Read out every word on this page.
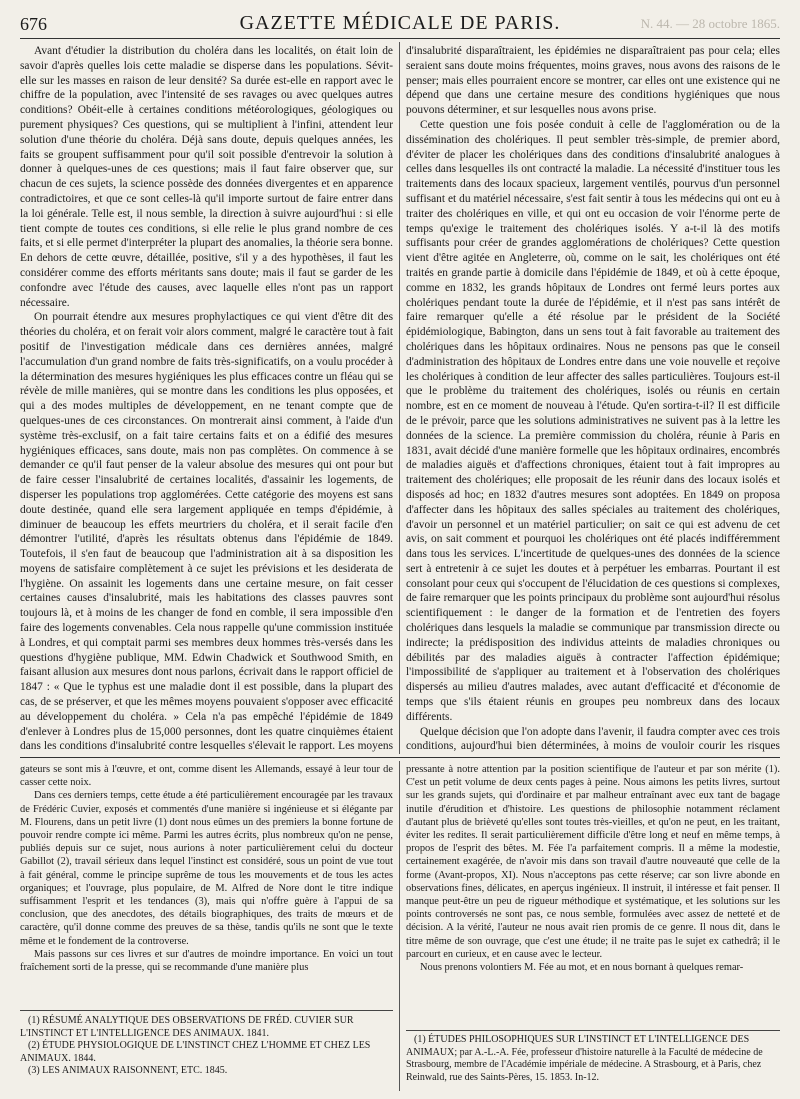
676	GAZETTE MÉDICALE DE PARIS.	N. 44. — 28 octobre 1865.

Avant d'étudier la distribution du choléra dans les localités, on était loin de savoir d'après quelles lois cette maladie se disperse dans les populations. Sévit-elle sur les masses en raison de leur densité? Sa durée est-elle en rapport avec le chiffre de la population, avec l'intensité de ses ravages ou avec quelques autres conditions? Obéit-elle à certaines conditions météorologiques, géologiques ou purement physiques? Ces questions, qui se multiplient à l'infini, attendent leur solution d'une théorie du choléra. Déjà sans doute, depuis quelques années, les faits se groupent suffisamment pour qu'il soit possible d'entrevoir la solution à donner à quelques-unes de ces questions; mais il faut faire observer que, sur chacun de ces sujets, la science possède des données divergentes et en apparence contradictoires, et que ce sont celles-là qu'il importe surtout de faire entrer dans la loi générale. Telle est, il nous semble, la direction à suivre aujourd'hui : si elle tient compte de toutes ces conditions, si elle relie le plus grand nombre de ces faits, et si elle permet d'interpréter la plupart des anomalies, la théorie sera bonne. En dehors de cette œuvre, détaillée, positive, s'il y a des hypothèses, il faut les considérer comme des efforts méritants sans doute; mais il faut se garder de les confondre avec l'étude des causes, avec laquelle elles n'ont pas un rapport nécessaire.

On pourrait étendre aux mesures prophylactiques ce qui vient d'être dit des théories du choléra, et on ferait voir alors comment, malgré le caractère tout à fait positif de l'investigation médicale dans ces dernières années, malgré l'accumulation d'un grand nombre de faits très-significatifs, on a voulu procéder à la détermination des mesures hygiéniques les plus efficaces contre un fléau qui se révèle de mille manières, qui se montre dans les conditions les plus opposées, et qui a des modes multiples de développement, en ne tenant compte que de quelques-unes de ces circonstances. On montrerait ainsi comment, à l'aide d'un système très-exclusif, on a fait taire certains faits et on a édifié des mesures hygiéniques efficaces, sans doute, mais non pas complètes. On commence à se demander ce qu'il faut penser de la valeur absolue des mesures qui ont pour but de faire cesser l'insalubrité de certaines localités, d'assainir les logements, de disperser les populations trop agglomérées. Cette catégorie des moyens est sans doute destinée, quand elle sera largement appliquée en temps d'épidémie, à diminuer de beaucoup les effets meurtriers du choléra, et il serait facile d'en démontrer l'utilité, d'après les résultats obtenus dans l'épidémie de 1849. Toutefois, il s'en faut de beaucoup que l'administration ait à sa disposition les moyens de satisfaire complètement à ce sujet les prévisions et les desiderata de l'hygiène. On assainit les logements dans une certaine mesure, on fait cesser certaines causes d'insalubrité, mais les habitations des classes pauvres sont toujours là, et à moins de les changer de fond en comble, il sera impossible d'en faire des logements convenables. Cela nous rappelle qu'une commission instituée à Londres, et qui comptait parmi ses membres deux hommes très-versés dans les questions d'hygiène publique, MM. Edwin Chadwick et Southwood Smith, en faisant allusion aux mesures dont nous parlons, écrivait dans le rapport officiel de 1847 : « Que le typhus est une maladie dont il est possible, dans la plupart des cas, de se préserver, et que les mêmes moyens pouvaient s'opposer avec efficacité au développement du choléra. » Cela n'a pas empêché l'épidémie de 1849 d'enlever à Londres plus de 15,000 personnes, dont les quatre cinquièmes étaient dans les conditions d'insalubrité contre lesquelles s'élevait le rapport. Les moyens

d'insalubrité disparaîtraient, les épidémies ne disparaîtraient pas pour cela; elles seraient sans doute moins fréquentes, moins graves, nous avons des raisons de le penser; mais elles pourraient encore se montrer, car elles ont une existence qui ne dépend que dans une certaine mesure des conditions hygiéniques que nous pouvons déterminer, et sur lesquelles nous avons prise.

Cette question une fois posée conduit à celle de l'agglomération ou de la dissémination des cholériques. Il peut sembler très-simple, de premier abord, d'éviter de placer les cholériques dans des conditions d'insalubrité analogues à celles dans lesquelles ils ont contracté la maladie. La nécessité d'instituer tous les traitements dans des locaux spacieux, largement ventilés, pourvus d'un personnel suffisant et du matériel nécessaire, s'est fait sentir à tous les médecins qui ont eu à traiter des cholériques en ville, et qui ont eu occasion de voir l'énorme perte de temps qu'exige le traitement des cholériques isolés. Y a-t-il là des motifs suffisants pour créer de grandes agglomérations de cholériques? Cette question vient d'être agitée en Angleterre, où, comme on le sait, les cholériques ont été traités en grande partie à domicile dans l'épidémie de 1849, et où à cette époque, comme en 1832, les grands hôpitaux de Londres ont fermé leurs portes aux cholériques pendant toute la durée de l'épidémie, et il n'est pas sans intérêt de faire remarquer qu'elle a été résolue par le président de la Société épidémiologique, Babington, dans un sens tout à fait favorable au traitement des cholériques dans les hôpitaux ordinaires. Nous ne pensons pas que le conseil d'administration des hôpitaux de Londres entre dans une voie nouvelle et reçoive les cholériques à condition de leur affecter des salles particulières. Toujours est-il que le problème du traitement des cholériques, isolés ou réunis en certain nombre, est en ce moment de nouveau à l'étude. Qu'en sortira-t-il? Il est difficile de le prévoir, parce que les solutions administratives ne suivent pas à la lettre les données de la science. La première commission du choléra, réunie à Paris en 1831, avait décidé d'une manière formelle que les hôpitaux ordinaires, encombrés de maladies aiguës et d'affections chroniques, étaient tout à fait impropres au traitement des cholériques; elle proposait de les réunir dans des locaux isolés et disposés ad hoc; en 1832 d'autres mesures sont adoptées. En 1849 on proposa d'affecter dans les hôpitaux des salles spéciales au traitement des cholériques, d'avoir un personnel et un matériel particulier; on sait ce qui est advenu de cet avis, on sait comment et pourquoi les cholériques ont été placés indifféremment dans tous les services. L'incertitude de quelques-unes des données de la science sert à entretenir à ce sujet les doutes et à perpétuer les embarras. Pourtant il est consolant pour ceux qui s'occupent de l'élucidation de ces questions si complexes, de faire remarquer que les points principaux du problème sont aujourd'hui résolus scientifiquement : le danger de la formation et de l'entretien des foyers cholériques dans lesquels la maladie se communique par transmission directe ou indirecte; la prédisposition des individus atteints de maladies chroniques ou débilités par des maladies aiguës à contracter l'affection épidémique; l'impossibilité de s'appliquer au traitement et à l'observation des cholériques dispersés au milieu d'autres malades, avec autant d'efficacité et d'économie de temps que s'ils étaient réunis en groupes peu nombreux dans des locaux différents.

Quelque décision que l'on adopte dans l'avenir, il faudra compter avec ces trois conditions, aujourd'hui bien déterminées, à moins de vouloir courir les risques

gateurs se sont mis à l'œuvre, et ont, comme disent les Allemands, essayé à leur tour de casser cette noix.

Dans ces derniers temps, cette étude a été particulièrement encouragée par les travaux de Frédéric Cuvier, exposés et commentés d'une manière si ingénieuse et si élégante par M. Flourens, dans un petit livre (1) dont nous eûmes un des premiers la bonne fortune de pouvoir rendre compte ici même. Parmi les autres écrits, plus nombreux qu'on ne pense, publiés depuis sur ce sujet, nous aurions à noter particulièrement celui du docteur Gabillot (2), travail sérieux dans lequel l'instinct est considéré, sous un point de vue tout à fait général, comme le principe suprême de tous les mouvements et de tous les actes organiques; et l'ouvrage, plus populaire, de M. Alfred de Nore dont le titre indique suffisamment l'esprit et les tendances (3), mais qui n'offre guère à l'appui de sa conclusion, que des anecdotes, des détails biographiques, des traits de mœurs et de caractère, qu'il donne comme des preuves de sa thèse, tandis qu'ils ne sont que le texte même et le fondement de la controverse.

Mais passons sur ces livres et sur d'autres de moindre importance. En voici un tout fraîchement sorti de la presse, qui se recommande d'une manière plus

pressante à notre attention par la position scientifique de l'auteur et par son mérite (1). C'est un petit volume de deux cents pages à peine. Nous aimons les petits livres, surtout sur les grands sujets, qui d'ordinaire et par malheur entraînant avec eux tant de bagage inutile d'érudition et d'histoire. Les questions de philosophie notamment réclament d'autant plus de brièveté qu'elles sont toutes très-vieilles, et qu'on ne peut, en les traitant, éviter les redites. Il serait particulièrement difficile d'être long et neuf en même temps, à propos de l'esprit des bêtes. M. Fée l'a parfaitement compris. Il a même la modestie, certainement exagérée, de n'avoir mis dans son travail d'autre nouveauté que celle de la forme (Avant-propos, XI). Nous n'acceptons pas cette réserve; car son livre abonde en observations fines, délicates, en aperçus ingénieux. Il instruit, il intéresse et fait penser. Il manque peut-être un peu de rigueur méthodique et systématique, et les solutions sur les points controversés ne sont pas, ce nous semble, formulées avec assez de netteté et de décision. A la vérité, l'auteur ne nous avait rien promis de ce genre. Il nous dit, dans le titre même de son ouvrage, que c'est une étude; il ne traite pas le sujet ex cathedrâ; il le parcourt en curieux, et en cause avec le lecteur.

Nous prenons volontiers M. Fée au mot, et en nous bornant à quelques remar-

(1) RÉSUMÉ ANALYTIQUE DES OBSERVATIONS DE FRÉD. CUVIER SUR L'INSTINCT ET L'INTELLIGENCE DES ANIMAUX. 1841.

(2) ÉTUDE PHYSIOLOGIQUE DE L'INSTINCT CHEZ L'HOMME ET CHEZ LES ANIMAUX. 1844.

(3) LES ANIMAUX RAISONNENT, ETC. 1845.

(1) ÉTUDES PHILOSOPHIQUES SUR L'INSTINCT ET L'INTELLIGENCE DES ANIMAUX; par A.-L.-A. Fée, professeur d'histoire naturelle à la Faculté de médecine de Strasbourg, membre de l'Académie impériale de médecine. A Strasbourg, et à Paris, chez Reinwald, rue des Saints-Pères, 15. 1853. In-12.
